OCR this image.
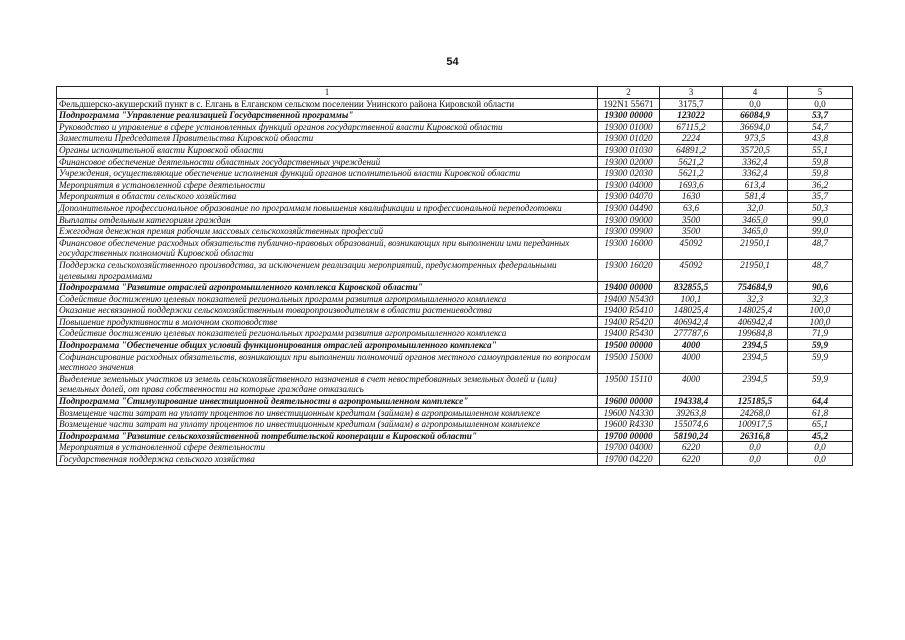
54
1	2	3	4	5
Фельдшерско-акушерский пункт в с. Елгань в Елганском сельском поселении Унинского района Кировской области	192N1 55671	3175,7	0,0	0,0
Подпрограмма "Управление реализацией Государственной программы"	19300 00000	123022	66084,9	53,7
Руководство и управление в сфере установленных функций органов государственной власти Кировской области	19300 01000	67115,2	36694,0	54,7
Заместители Председателя Правительства Кировской области	19300 01020	2224	973,5	43,8
Органы исполнительной власти Кировской области	19300 01030	64891,2	35720,5	55,1
Финансовое обеспечение деятельности областных государственных учреждений	19300 02000	5621,2	3362,4	59,8
Учреждения, осуществляющие обеспечение исполнения функций органов исполнительной власти Кировской области	19300 02030	5621,2	3362,4	59,8
Мероприятия в установленной сфере деятельности	19300 04000	1693,6	613,4	36,2
Мероприятия в области сельского хозяйства	19300 04070	1630	581,4	35,7
Дополнительное профессиональное образование по программам повышения квалификации и профессиональной переподготовки	19300 04490	63,6	32,0	50,3
Выплаты отдельным категориям граждан	19300 09000	3500	3465,0	99,0
Ежегодная денежная премия рабочим массовых сельскохозяйственных профессий	19300 09900	3500	3465,0	99,0
Финансовое обеспечение расходных обязательств публично-правовых образований, возникающих при выполнении ими переданных государственных полномочий Кировской области	19300 16000	45092	21950,1	48,7
Поддержка сельскохозяйственного производства, за исключением реализации мероприятий, предусмотренных федеральными целевыми программами	19300 16020	45092	21950,1	48,7
Подпрограмма "Развитие отраслей агропромышленного комплекса Кировской области"	19400 00000	832855,5	754684,9	90,6
Содействие достижению целевых показателей региональных программ развития агропромышленного комплекса	19400 N5430	100,1	32,3	32,3
Оказание несвязанной поддержки сельскохозяйственным товаропроизводителям в области растениеводства	19400 R5410	148025,4	148025,4	100,0
Повышение продуктивности в молочном скотоводстве	19400 R5420	406942,4	406942,4	100,0
Содействие достижению целевых показателей региональных программ развития агропромышленного комплекса	19400 R5430	277787,6	199684,8	71,9
Подпрограмма "Обеспечение общих условий функционирования отраслей агропромышленного комплекса"	19500 00000	4000	2394,5	59,9
Софинансирование расходных обязательств, возникающих при выполнении полномочий органов местного самоуправления по вопросам местного значения	19500 15000	4000	2394,5	59,9
Выделение земельных участков из земель сельскохозяйственного назначения в счет невостребованных земельных долей и (или) земельных долей, от права собственности на которые граждане отказались	19500 15110	4000	2394,5	59,9
Подпрограмма "Стимулирование инвестиционной деятельности в агропромышленном комплексе"	19600 00000	194338,4	125185,5	64,4
Возмещение части затрат на уплату процентов по инвестиционным кредитам (займам) в агропромышленном комплексе	19600 N4330	39263,8	24268,0	61,8
Возмещение части затрат на уплату процентов по инвестиционным кредитам (займам) в агропромышленном комплексе	19600 R4330	155074,6	100917,5	65,1
Подпрограмма "Развитие сельскохозяйственной потребительской кооперации в Кировской области"	19700 00000	58190,24	26316,8	45,2
Мероприятия в установленной сфере деятельности	19700 04000	6220	0,0	0,0
Государственная поддержка сельского хозяйства	19700 04220	6220	0,0	0,0
·
